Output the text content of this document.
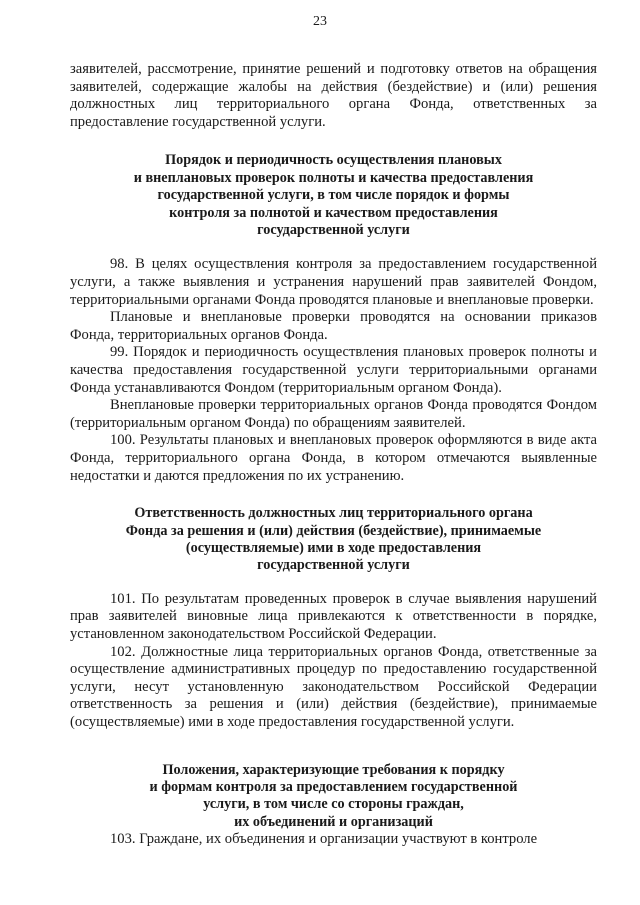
23

заявителей, рассмотрение, принятие решений и подготовку ответов на обращения заявителей, содержащие жалобы на действия (бездействие) и (или) решения должностных лиц территориального органа Фонда, ответственных за предоставление государственной услуги.

Порядок и периодичность осуществления плановых
и внеплановых проверок полноты и качества предоставления
государственной услуги, в том числе порядок и формы
контроля за полнотой и качеством предоставления
государственной услуги

98. В целях осуществления контроля за предоставлением государственной услуги, а также выявления и устранения нарушений прав заявителей Фондом, территориальными органами Фонда проводятся плановые и внеплановые проверки.

Плановые и внеплановые проверки проводятся на основании приказов Фонда, территориальных органов Фонда.

99. Порядок и периодичность осуществления плановых проверок полноты и качества предоставления государственной услуги территориальными органами Фонда устанавливаются Фондом (территориальным органом Фонда).

Внеплановые проверки территориальных органов Фонда проводятся Фондом (территориальным органом Фонда) по обращениям заявителей.

100. Результаты плановых и внеплановых проверок оформляются в виде акта Фонда, территориального органа Фонда, в котором отмечаются выявленные недостатки и даются предложения по их устранению.

Ответственность должностных лиц территориального органа
Фонда за решения и (или) действия (бездействие), принимаемые
(осуществляемые) ими в ходе предоставления
государственной услуги

101. По результатам проведенных проверок в случае выявления нарушений прав заявителей виновные лица привлекаются к ответственности в порядке, установленном законодательством Российской Федерации.

102. Должностные лица территориальных органов Фонда, ответственные за осуществление административных процедур по предоставлению государственной услуги, несут установленную законодательством Российской Федерации ответственность за решения и (или) действия (бездействие), принимаемые (осуществляемые) ими в ходе предоставления государственной услуги.

Положения, характеризующие требования к порядку
и формам контроля за предоставлением государственной
услуги, в том числе со стороны граждан,
их объединений и организаций

103. Граждане, их объединения и организации участвуют в контроле
